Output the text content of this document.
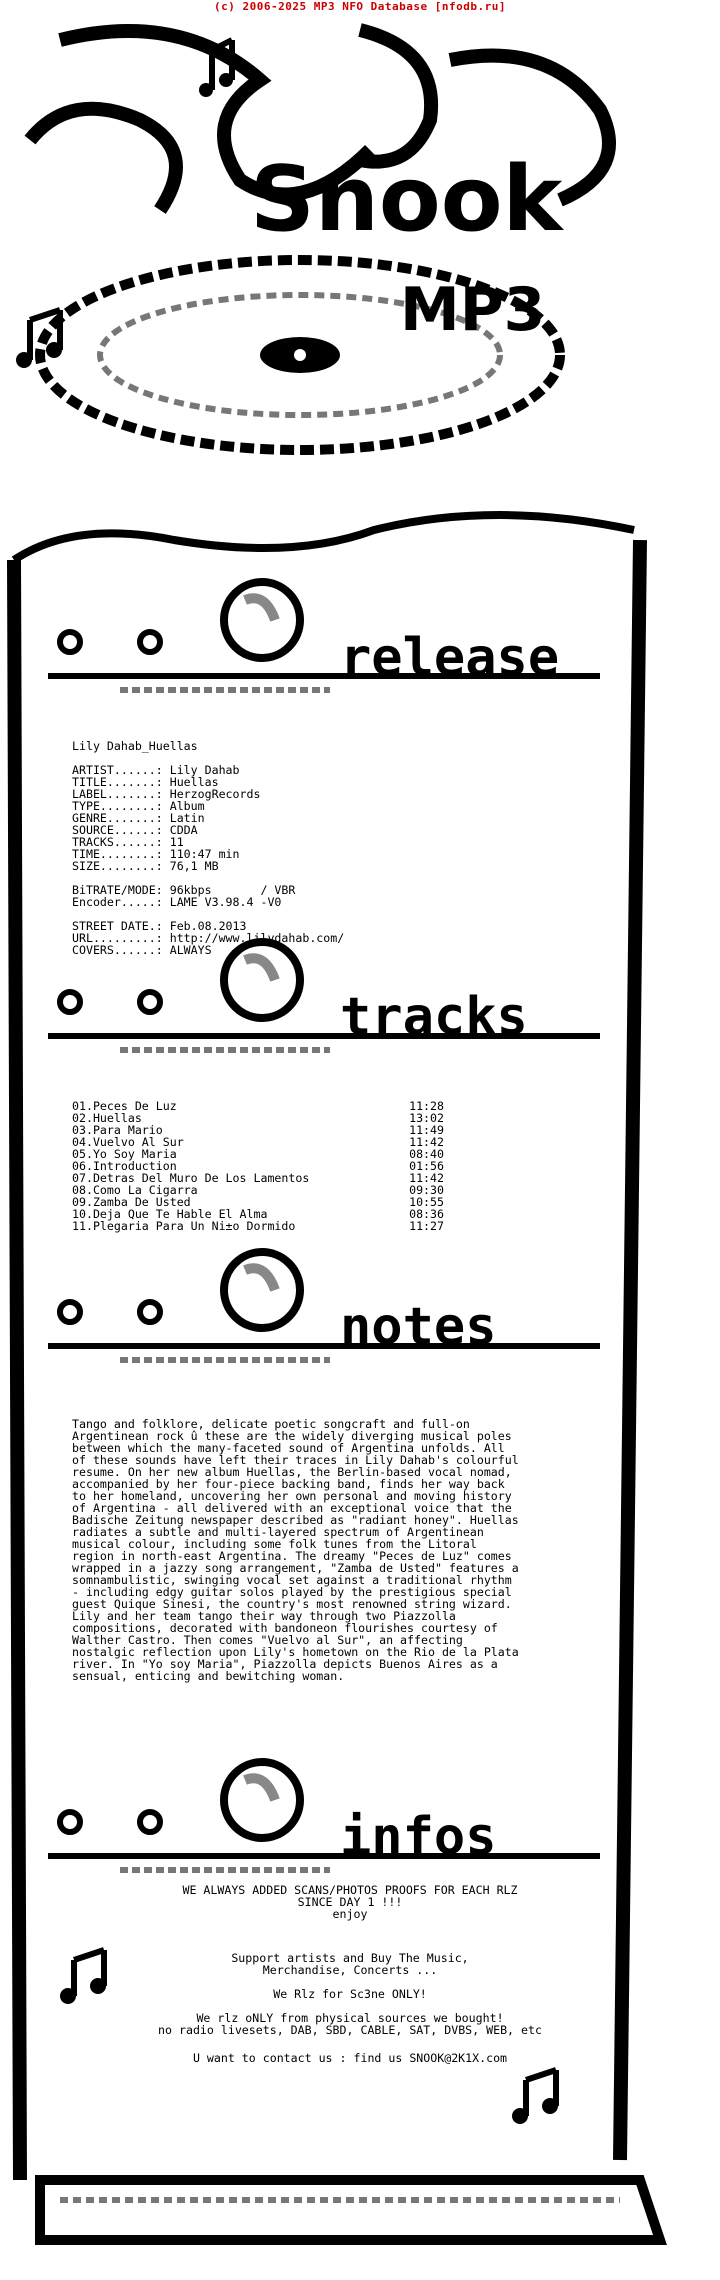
(c) 2006-2025 MP3 NFO Database [nfodb.ru]
Snook
MP3
release
tracks
notes
infos
Lily Dahab_Huellas
ARTIST......: Lily Dahab
TITLE.......: Huellas
LABEL.......: HerzogRecords
TYPE........: Album
GENRE.......: Latin
SOURCE......: CDDA
TRACKS......: 11
TIME........: 110:47 min
SIZE........: 76,1 MB

BiTRATE/MODE: 96kbps       / VBR
Encoder.....: LAME V3.98.4 -V0

STREET DATE.: Feb.08.2013
URL.........: http://www.lilydahab.com/
COVERS......: ALWAYS
01.Peces De Luz	11:28
02.Huellas	13:02
03.Para Mario	11:49
04.Vuelvo Al Sur	11:42
05.Yo Soy Maria	08:40
06.Introduction	01:56
07.Detras Del Muro De Los Lamentos	11:42
08.Como La Cigarra	09:30
09.Zamba De Usted	10:55
10.Deja Que Te Hable El Alma	08:36
11.Plegaria Para Un Ni±o Dormido	11:27
Tango and folklore, delicate poetic songcraft and full-on
Argentinean rock û these are the widely diverging musical poles
between which the many-faceted sound of Argentina unfolds. All
of these sounds have left their traces in Lily Dahab's colourful
resume. On her new album Huellas, the Berlin-based vocal nomad,
accompanied by her four-piece backing band, finds her way back
to her homeland, uncovering her own personal and moving history
of Argentina - all delivered with an exceptional voice that the
Badische Zeitung newspaper described as "radiant honey". Huellas
radiates a subtle and multi-layered spectrum of Argentinean
musical colour, including some folk tunes from the Litoral
region in north-east Argentina. The dreamy "Peces de Luz" comes
wrapped in a jazzy song arrangement, "Zamba de Usted" features a
somnambulistic, swinging vocal set against a traditional rhythm
- including edgy guitar solos played by the prestigious special
guest Quique Sinesi, the country's most renowned string wizard.
Lily and her team tango their way through two Piazzolla
compositions, decorated with bandoneon flourishes courtesy of
Walther Castro. Then comes "Vuelvo al Sur", an affecting
nostalgic reflection upon Lily's hometown on the Rio de la Plata
river. In "Yo soy Maria", Piazzolla depicts Buenos Aires as a
sensual, enticing and bewitching woman.
WE ALWAYS ADDED SCANS/PHOTOS PROOFS FOR EACH RLZ
SINCE DAY 1 !!!
enjoy
Support artists and Buy The Music,
Merchandise, Concerts ...
We Rlz for Sc3ne ONLY!
We rlz oNLY from physical sources we bought!
no radio livesets, DAB, SBD, CABLE, SAT, DVBS, WEB, etc
U want to contact us : find us SNOOK@2K1X.com
